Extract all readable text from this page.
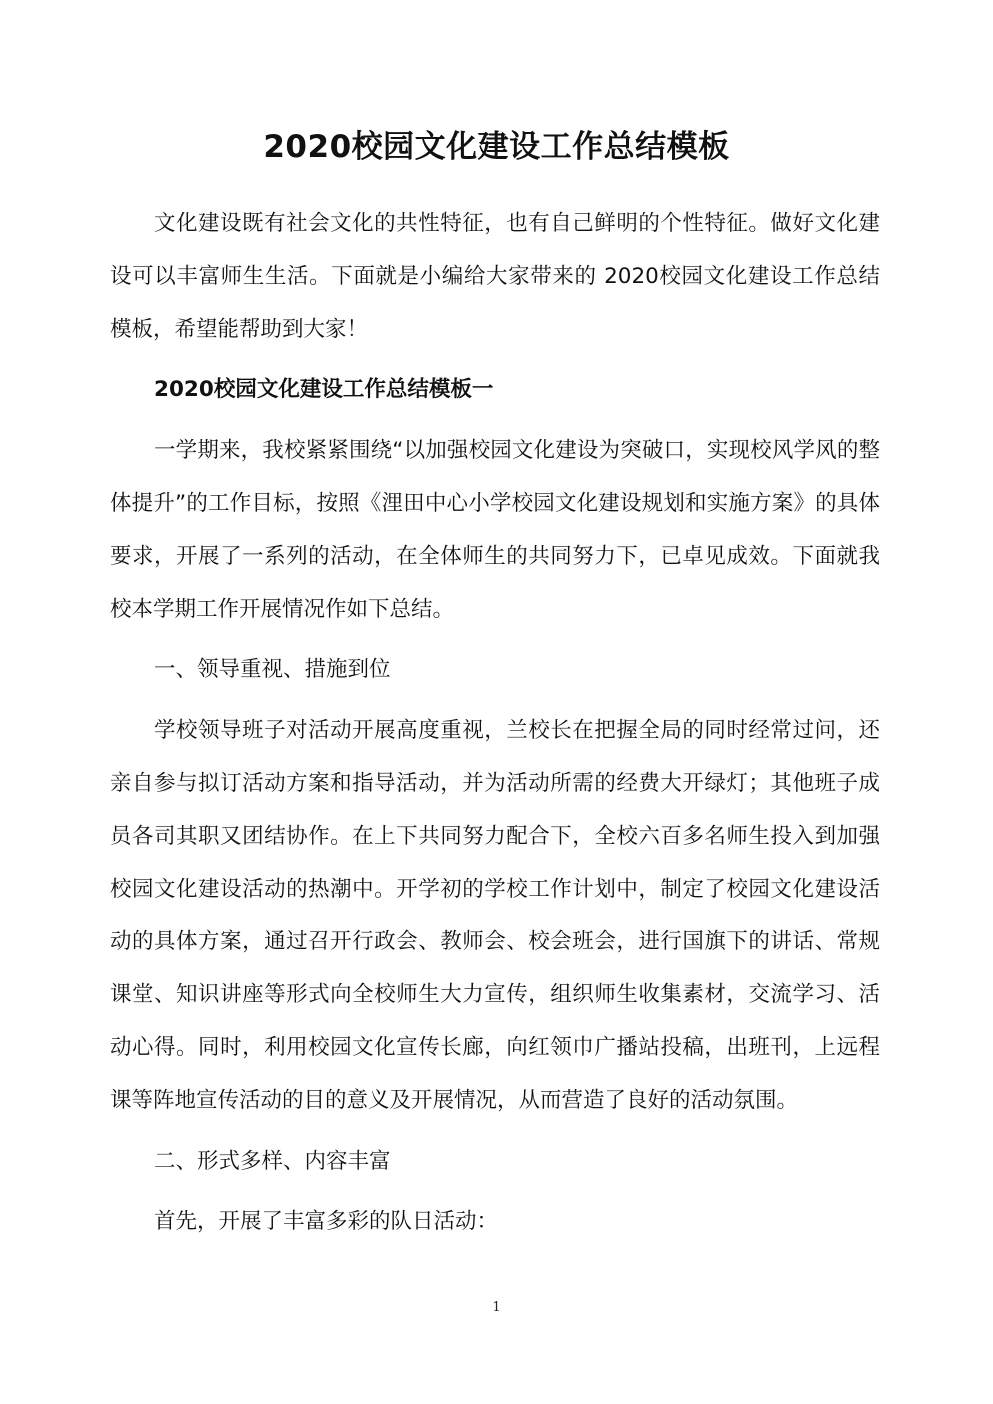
2020校园文化建设工作总结模板

文化建设既有社会文化的共性特征，也有自己鲜明的个性特征。做好文化建设可以丰富师生生活。下面就是小编给大家带来的 2020校园文化建设工作总结模板，希望能帮助到大家！

2020校园文化建设工作总结模板一

一学期来，我校紧紧围绕“以加强校园文化建设为突破口，实现校风学风的整体提升”的工作目标，按照《浬田中心小学校园文化建设规划和实施方案》的具体要求，开展了一系列的活动，在全体师生的共同努力下，已卓见成效。下面就我校本学期工作开展情况作如下总结。

一、领导重视、措施到位

学校领导班子对活动开展高度重视，兰校长在把握全局的同时经常过问，还亲自参与拟订活动方案和指导活动，并为活动所需的经费大开绿灯；其他班子成员各司其职又团结协作。在上下共同努力配合下，全校六百多名师生投入到加强校园文化建设活动的热潮中。开学初的学校工作计划中，制定了校园文化建设活动的具体方案，通过召开行政会、教师会、校会班会，进行国旗下的讲话、常规课堂、知识讲座等形式向全校师生大力宣传，组织师生收集素材，交流学习、活动心得。同时，利用校园文化宣传长廊，向红领巾广播站投稿，出班刊，上远程课等阵地宣传活动的目的意义及开展情况，从而营造了良好的活动氛围。

二、形式多样、内容丰富

首先，开展了丰富多彩的队日活动：

1
